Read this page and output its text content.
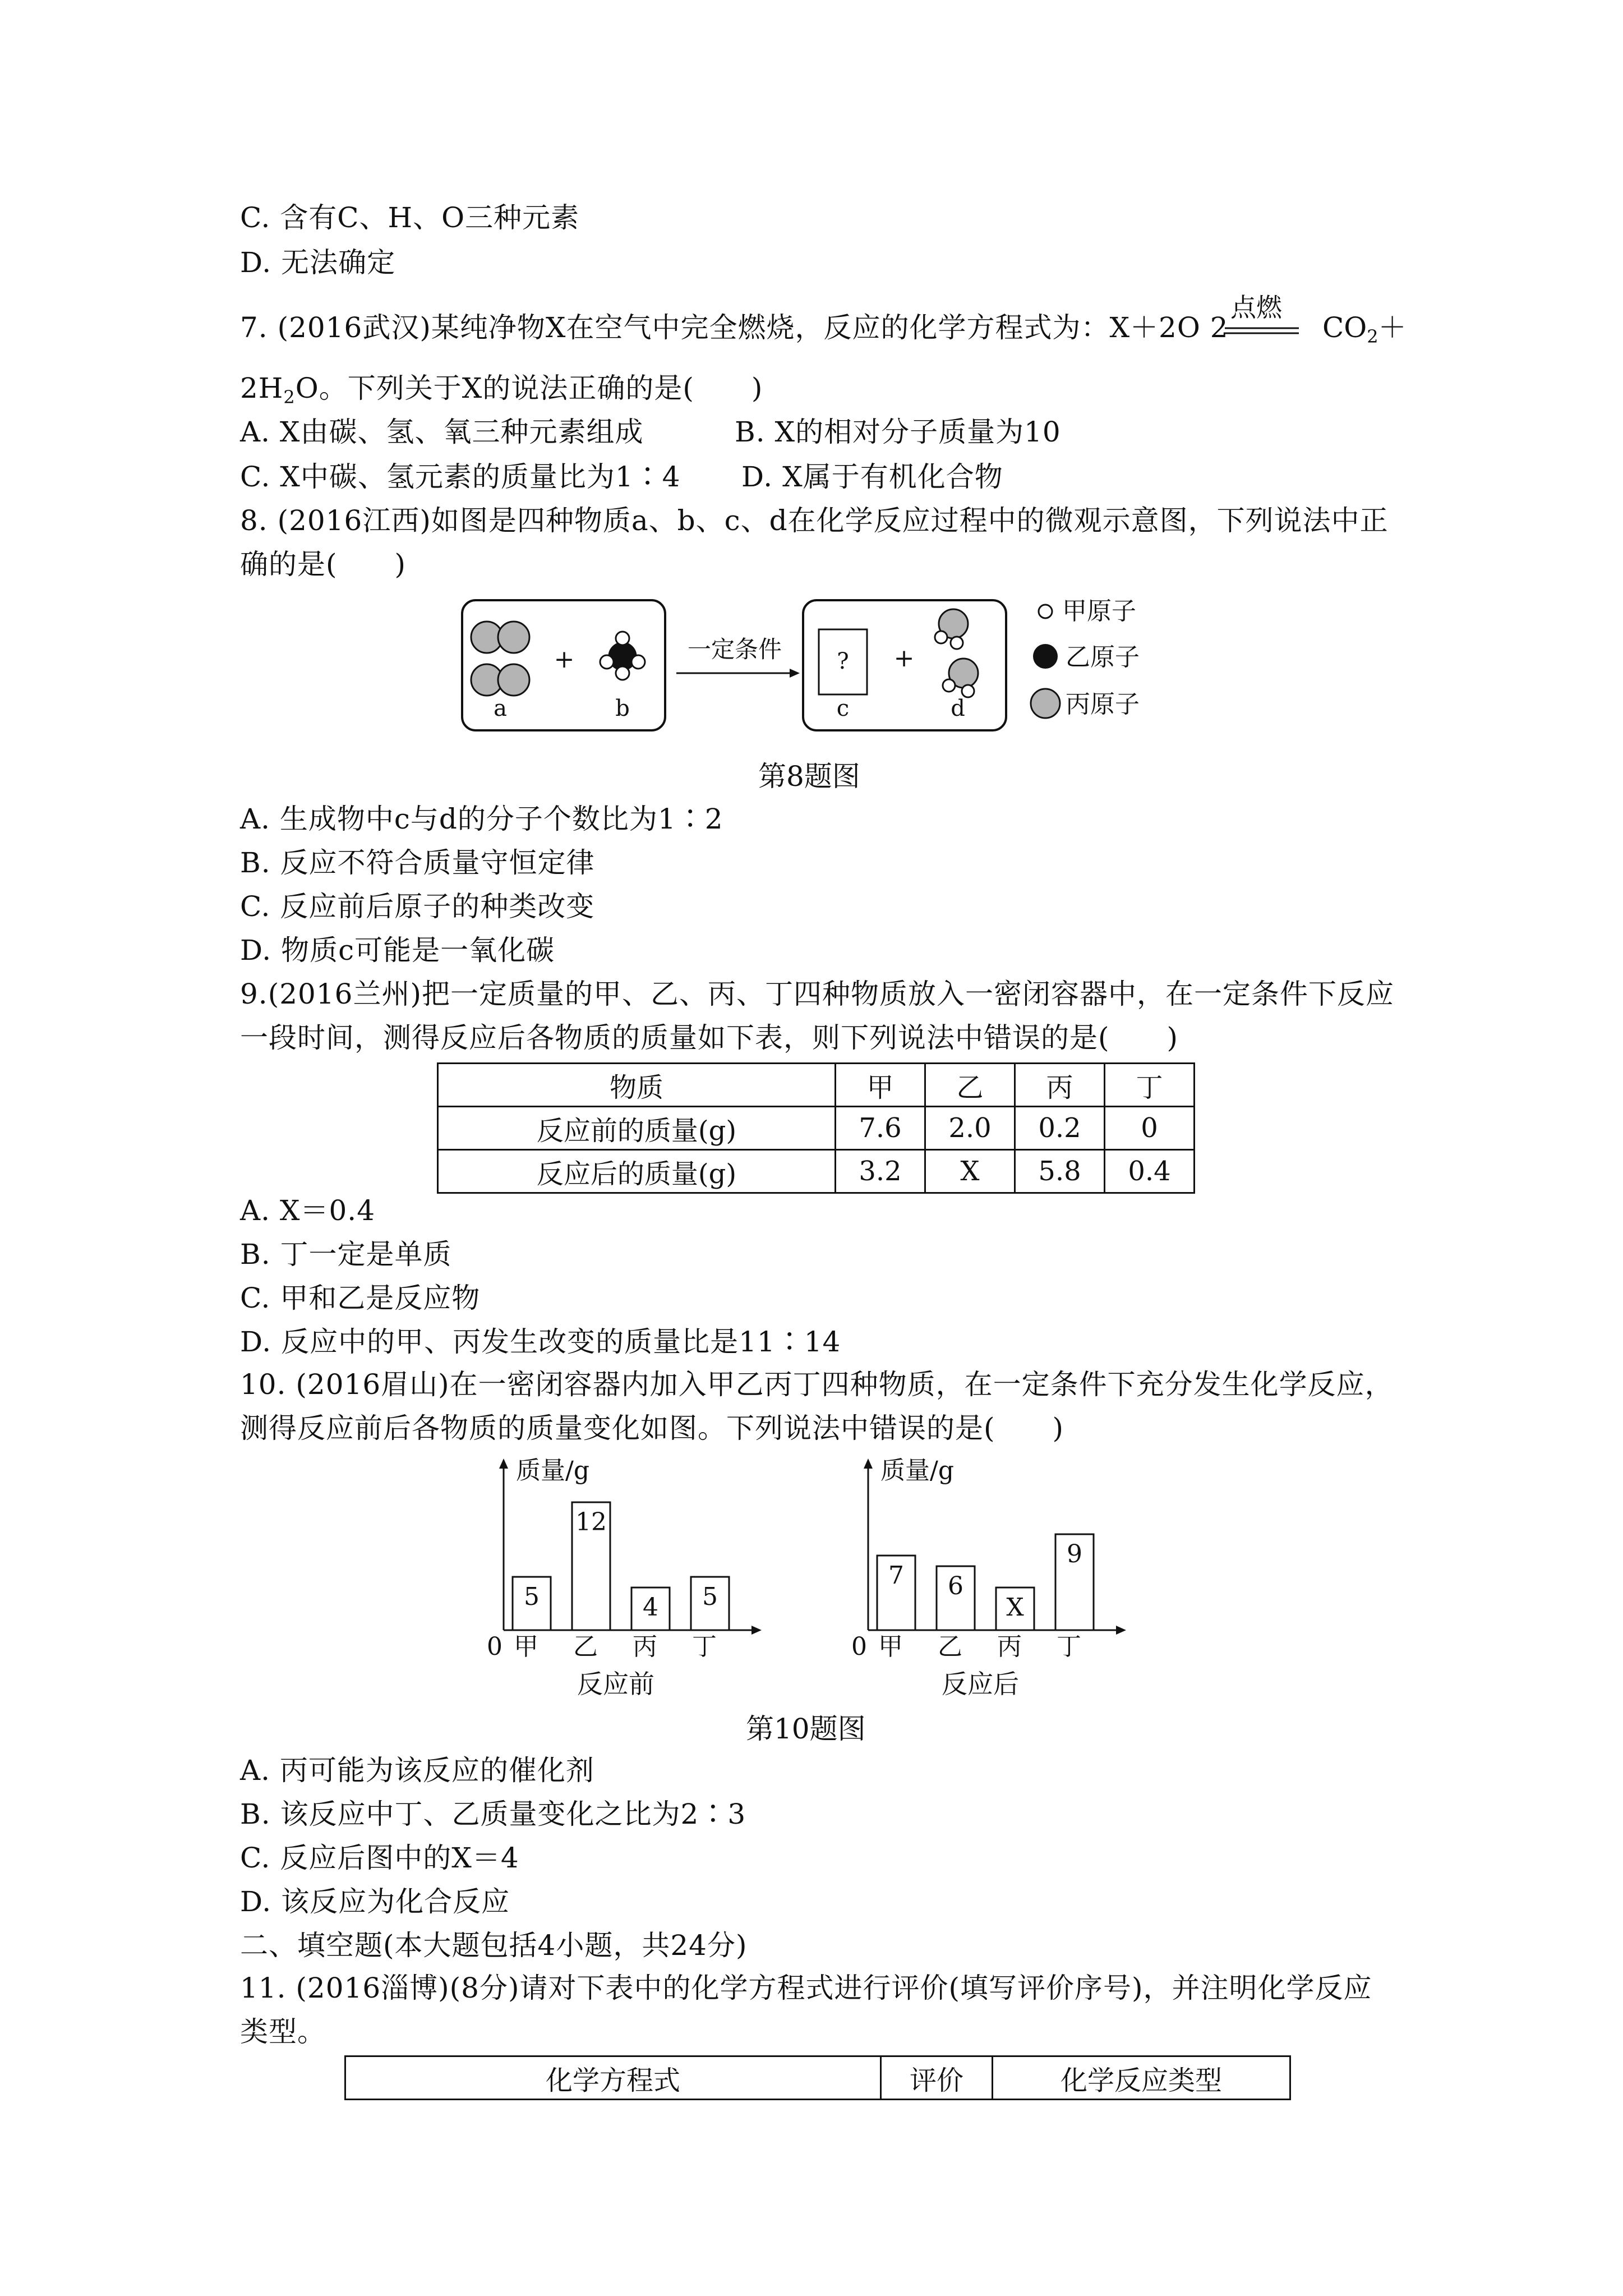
C. 含有C、H、O三种元素
D. 无法确定
7. (2016武汉)某纯净物X在空气中完全燃烧，反应的化学方程式为：X＋2O 2
点燃
$CO_2+$
$2H_2O$。下列关于X的说法正确的是(　　)
A. X由碳、氢、氧三种元素组成	B. X的相对分子质量为10
C. X中碳、氢元素的质量比为1∶4 D. X属于有机化合物
8. (2016江西)如图是四种物质a、b、c、d在化学反应过程中的微观示意图，下列说法中正
确的是(　　)
a
+
b
一定条件 ?
c
+
d
甲原子
乙原子
丙原子
第8题图
A. 生成物中c与d的分子个数比为1∶2
B. 反应不符合质量守恒定律
C. 反应前后原子的种类改变
D. 物质c可能是一氧化碳
9.(2016兰州)把一定质量的甲、乙、丙、丁四种物质放入一密闭容器中，在一定条件下反应
一段时间，测得反应后各物质的质量如下表，则下列说法中错误的是(　　)
物质	甲	乙	丙	丁
反应前的质量(g)	7.6	2.0	0.2	0
反应后的质量(g)	3.2	X	5.8	0.4
A. X＝0.4
B. 丁一定是单质
C. 甲和乙是反应物
D. 反应中的甲、丙发生改变的质量比是11∶14
10. (2016眉山)在一密闭容器内加入甲乙丙丁四种物质，在一定条件下充分发生化学反应，
测得反应前后各物质的质量变化如图。下列说法中错误的是(　　)
质量/g
0
5
甲
12
乙
4
丙
5
丁
反应前
质量/g
0
7
甲
6
乙
X
丙
9
丁
反应后
第10题图
A. 丙可能为该反应的催化剂
B. 该反应中丁、乙质量变化之比为2∶3
C. 反应后图中的X＝4
D. 该反应为化合反应
二、填空题(本大题包括4小题，共24分)
11. (2016淄博)(8分)请对下表中的化学方程式进行评价(填写评价序号)，并注明化学反应
类型。
化学方程式	评价	化学反应类型
